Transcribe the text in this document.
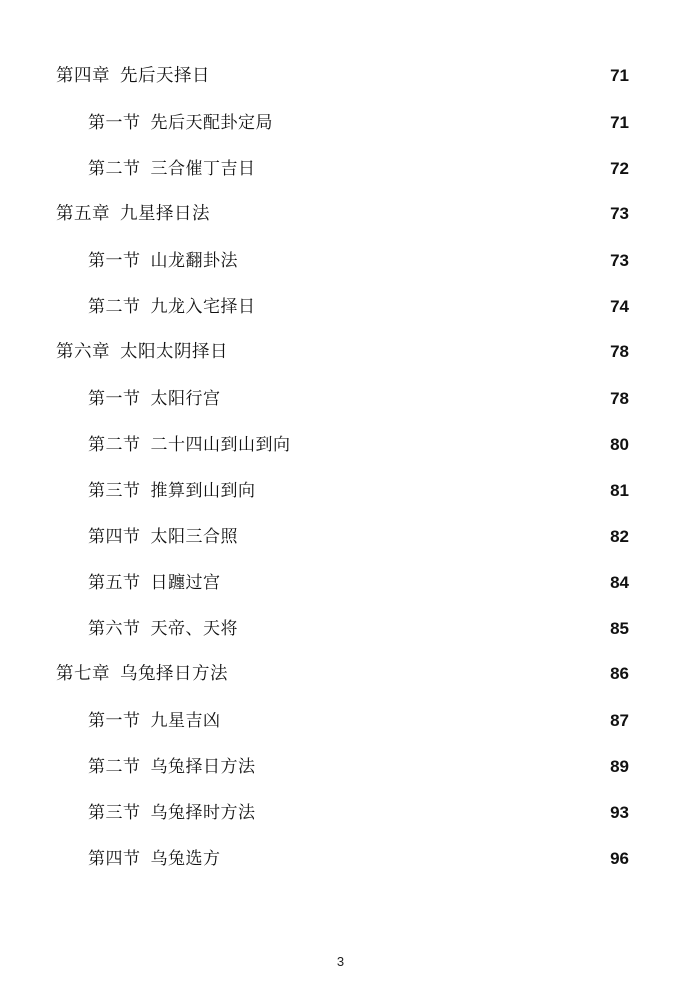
第四章 先后天择日 .....	71
第一节 先后天配卦定局 .....	71
第二节 三合催丁吉日 .....	72
第五章 九星择日法 .....	73
第一节 山龙翻卦法 .....	73
第二节 九龙入宅择日 .....	74
第六章 太阳太阴择日 .....	78
第一节 太阳行宫 .....	78
第二节 二十四山到山到向 .....	80
第三节 推算到山到向 .....	81
第四节 太阳三合照 .....	82
第五节 日躔过宫 .....	84
第六节 天帝、天将 .....	85
第七章 乌兔择日方法 .....	86
第一节 九星吉凶 .....	87
第二节 乌兔择日方法 .....	89
第三节 乌兔择时方法 .....	93
第四节 乌兔选方 .....	96
3
